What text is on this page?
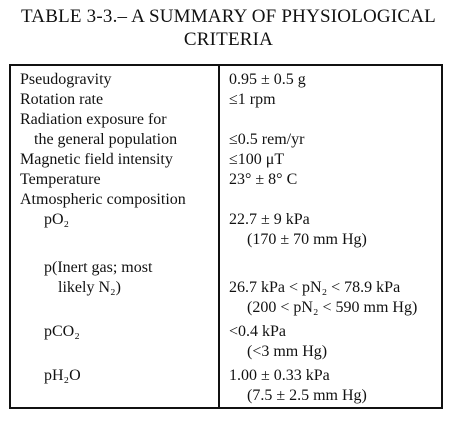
TABLE 3-3.– A SUMMARY OF PHYSIOLOGICAL
CRITERIA
Pseudogravity	0.95 ± 0.5 g
Rotation rate	≤1 rpm
Radiation exposure for
the general population	≤0.5 rem/yr
Magnetic field intensity	≤100 μT
Temperature	23° ± 8° C
Atmospheric composition
pO₂	22.7 ± 9 kPa
(170 ± 70 mm Hg)
p(Inert gas; most
likely N₂)	26.7 kPa < pN₂ < 78.9 kPa
(200 < pN₂ < 590 mm Hg)
pCO₂	<0.4 kPa
(<3 mm Hg)
pH₂O	1.00 ± 0.33 kPa
(7.5 ± 2.5 mm Hg)
